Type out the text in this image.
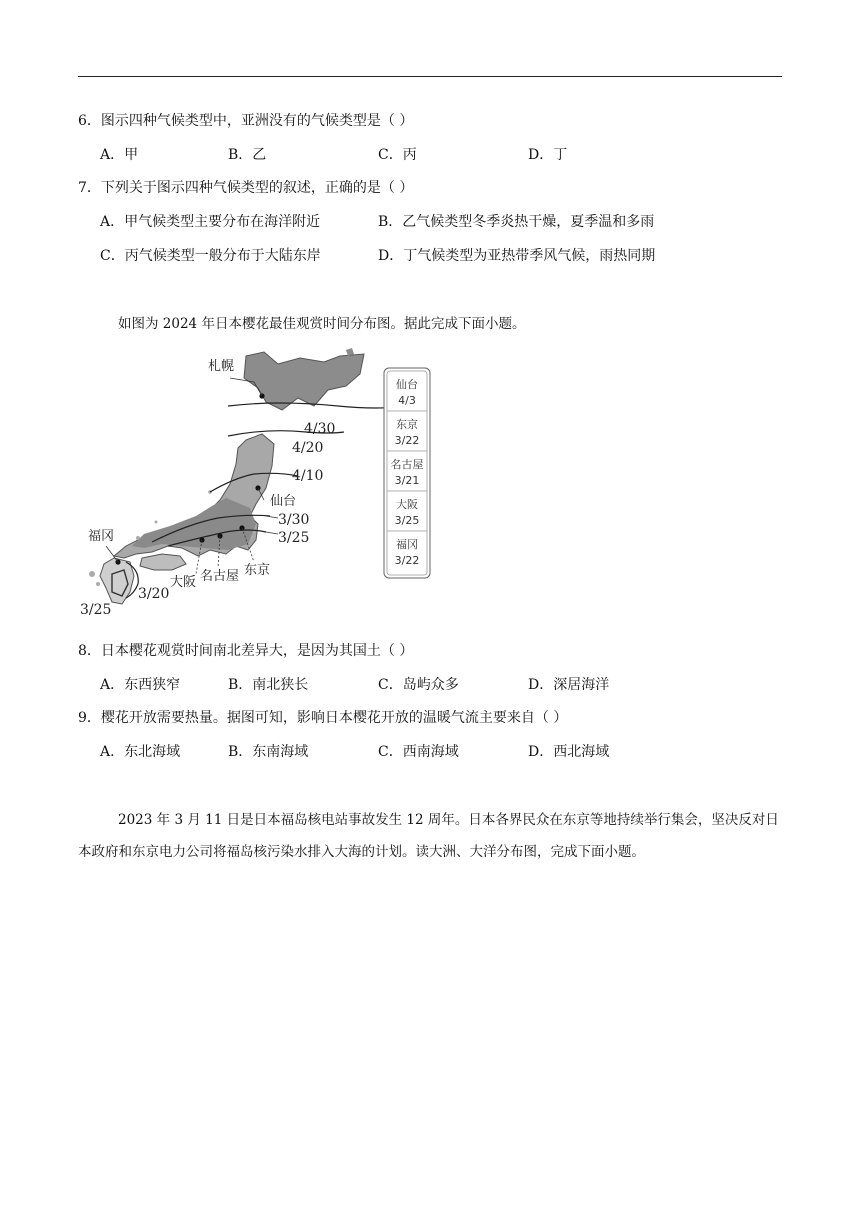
6．图示四种气候类型中，亚洲没有的气候类型是（ ）
A．甲	B．乙	C．丙	D．丁
7．下列关于图示四种气候类型的叙述，正确的是（ ）
A．甲气候类型主要分布在海洋附近	B．乙气候类型冬季炎热干燥，夏季温和多雨
C．丙气候类型一般分布于大陆东岸	D．丁气候类型为亚热带季风气候，雨热同期
如图为 2024 年日本樱花最佳观赏时间分布图。据此完成下面小题。
札幌
仙台
福冈
大阪 名古屋 东京
4/30
4/20
4/10
3/30
3/25
3/20
3/25
仙台
4/3
东京
3/22
名古屋
3/21
大阪
3/25
福冈
3/22
8．日本樱花观赏时间南北差异大，是因为其国土（ ）
A．东西狭窄	B．南北狭长	C．岛屿众多	D．深居海洋
9．樱花开放需要热量。据图可知，影响日本樱花开放的温暖气流主要来自（ ）
A．东北海域	B．东南海域	C．西南海域	D．西北海域
2023 年 3 月 11 日是日本福岛核电站事故发生 12 周年。日本各界民众在东京等地持续举行集会，坚决反对日本政府和东京电力公司将福岛核污染水排入大海的计划。读大洲、大洋分布图，完成下面小题。
